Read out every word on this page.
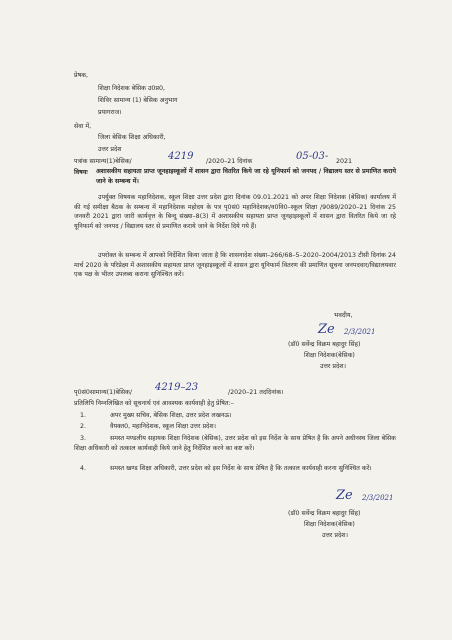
प्रेषक,
शिक्षा निदेशक बेसिक उ0प्र0,
शिविर सामान्य (1) बेसिक अनुभाग
प्रयागराज।
सेवा में,
जिला बेसिक शिक्षा अधिकारी,
उत्तर प्रदेश
पत्रांक सामान्य(1)बेसिक/	4219 /2020–21 दिनांक	05-03- 2021
विषयः अशासकीय सहायता प्राप्त जूनहाइस्कूलों में शासन द्वारा वितरित किये जा रहे यूनिफार्म को जनपद / विद्यालय स्तर से प्रमाणित कराये जाने के सम्बन्ध में।
उपर्युक्त विषयक महानिदेशक, स्कूल शिक्षा उत्तर प्रदेश द्वारा दिनांक 09.01.2021 को अपर शिक्षा निदेशक (बेसिक) कार्यालय में की गई समीक्षा बैठक के सम्बन्ध में महानिदेशक महोदय के पत्र पृ0सं0 महानिदेशक/व0वि0–स्कूल शिक्षा /9089/2020–21 दिनांक 25 जनवरी 2021 द्वारा जारी कार्यवृत्त के बिन्दु संख्या–8(3) में अशासकीय सहायता प्राप्त जूनहाइस्कूलों में शासन द्वारा वितरित किये जा रहे यूनिफार्म को जनपद / विद्यालय स्तर से प्रमाणित कराये जाने के निर्देश दिये गये हैं।
उपरोक्त के सम्बन्ध में आपको निर्देशित किया जाता है कि शासनादेश संख्या–266/68–5–2020–2004/2013 टीसी दिनांक 24 मार्च 2020 के परिप्रेक्ष्य में अशासकीय सहायता प्राप्त जूनहाइस्कूलों में शासन द्वारा यूनिफार्म वितरण की प्रमाणित सूचना जनपदवार/विद्यालयवार एक पक्ष के भीतर उपलब्ध कराना सुनिश्चित करें।
भवदीय,
Ze 2/3/2021
(डॉ0 सर्वेन्द्र विक्रम बहादुर सिंह)
शिक्षा निदेशक(बेसिक)
उत्तर प्रदेश।
पृ0सं0सामान्य(1)बेसिक/ 4219–23	/2020–21 तददिनांक।
प्रतिलिपि निम्नलिखित को सूचनार्थ एवं आवश्यक कार्यवाही हेतु प्रेषित:–
1.	अपर मुख्य सचिव, बेसिक शिक्षा, उत्तर प्रदेश लखनऊ।
2.	वैयक्त0, महानिदेशक, स्कूल शिक्षा उत्तर प्रदेश।
3.	समस्त मण्डलीय सहायक शिक्षा निदेशक (बेसिक), उत्तर प्रदेश को इस निर्देश के साथ प्रेषित है कि अपने अधीनस्थ जिला बेसिक शिक्षा अधिकारी को तत्काल कार्यवाही किये जाने हेतु निर्देशित करने का कष्ट करें।
4.	समस्त खण्ड शिक्षा अधिकारी, उत्तर प्रदेश को इस निर्देश के साथ प्रेषित है कि तत्काल कार्यवाही करना सुनिश्चित करें।
Ze 2/3/2021
(डॉ0 सर्वेन्द्र विक्रम बहादुर सिंह)
शिक्षा निदेशक(बेसिक)
उत्तर प्रदेश।
